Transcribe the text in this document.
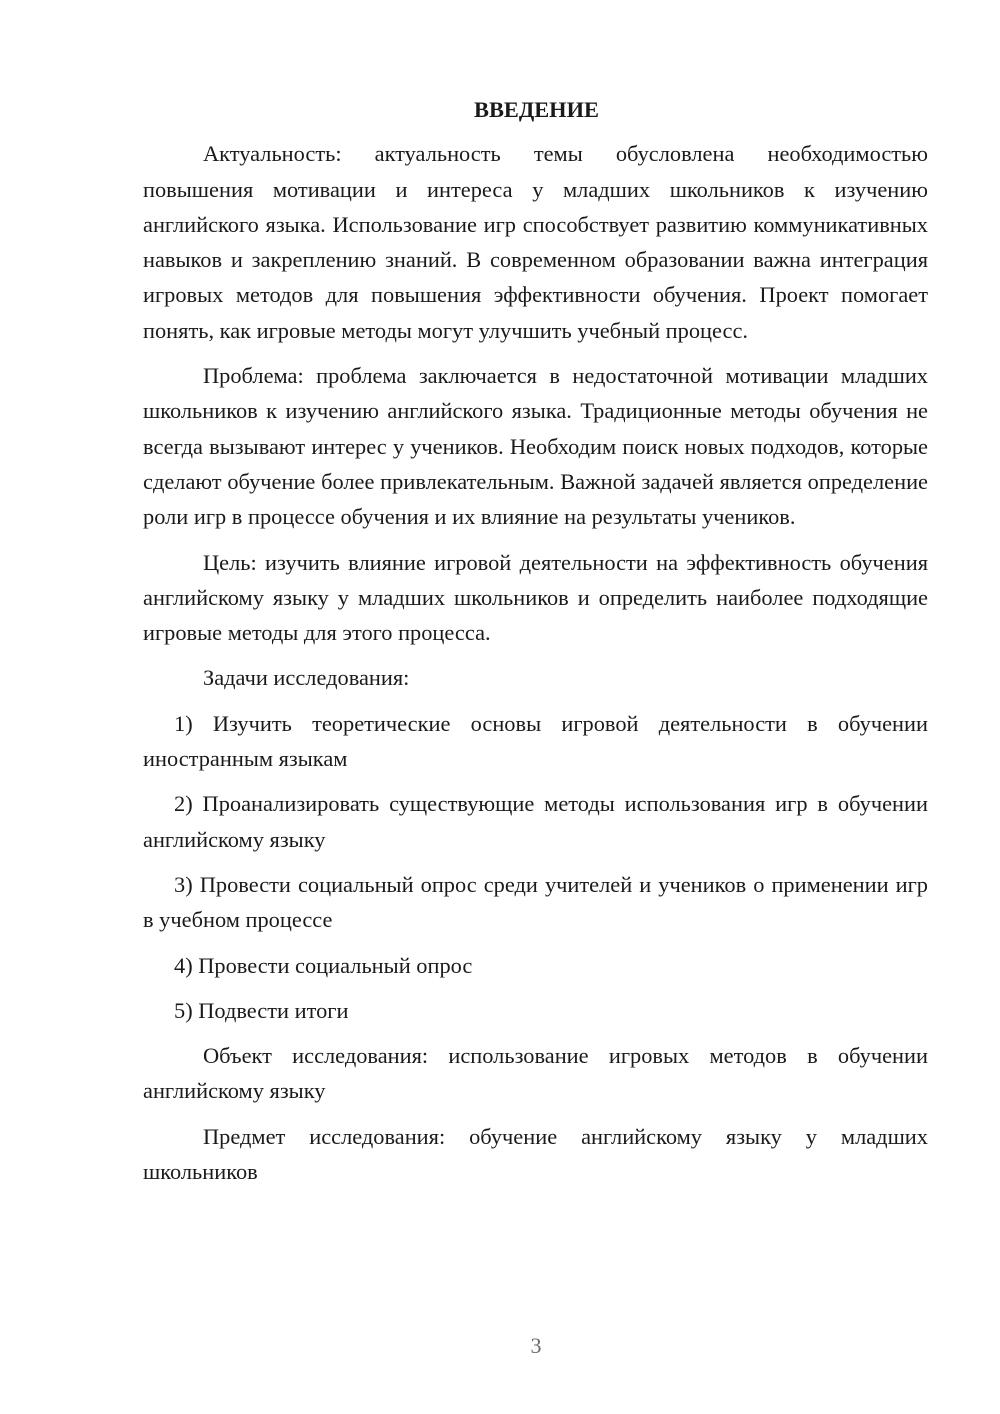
ВВЕДЕНИЕ

Актуальность: актуальность темы обусловлена необходимостью повышения мотивации и интереса у младших школьников к изучению английского языка. Использование игр способствует развитию коммуникативных навыков и закреплению знаний. В современном образовании важна интеграция игровых методов для повышения эффективности обучения. Проект помогает понять, как игровые методы могут улучшить учебный процесс.

Проблема: проблема заключается в недостаточной мотивации младших школьников к изучению английского языка. Традиционные методы обучения не всегда вызывают интерес у учеников. Необходим поиск новых подходов, которые сделают обучение более привлекательным. Важной задачей является определение роли игр в процессе обучения и их влияние на результаты учеников.

Цель: изучить влияние игровой деятельности на эффективность обучения английскому языку у младших школьников и определить наиболее подходящие игровые методы для этого процесса.

Задачи исследования:

1) Изучить теоретические основы игровой деятельности в обучении иностранным языкам

2) Проанализировать существующие методы использования игр в обучении английскому языку

3) Провести социальный опрос среди учителей и учеников о применении игр в учебном процессе

4) Провести социальный опрос

5) Подвести итоги

Объект исследования: использование игровых методов в обучении английскому языку

Предмет исследования: обучение английскому языку у младших школьников

3
